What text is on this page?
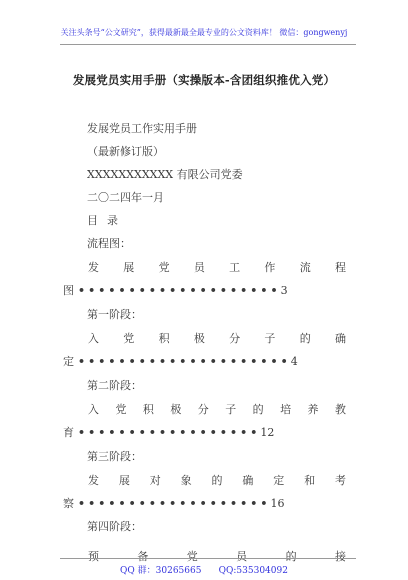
关注头条号“公文研究”，获得最新最全最专业的公文资料库！ 微信：gongwenyj
发展党员实用手册（实操版本-含团组织推优入党）
发展党员工作实用手册
（最新修订版）
XXXXXXXXXXX 有限公司党委
二〇二四年一月
目录
流程图：
发 展 党 员 工 作 流 程
图 ••••••••••••••••••••3
第一阶段：
入 党 积 极 分 子 的 确
定 •••••••••••••••••••••4
第二阶段：
入 党 积 极 分 子 的 培 养 教
育 ••••••••••••••••••12
第三阶段：
发 展 对 象 的 确 定 和 考
察 •••••••••••••••••••16
第四阶段：
预	备	党	员	的	接
QQ 群：30265665 QQ:535304092
